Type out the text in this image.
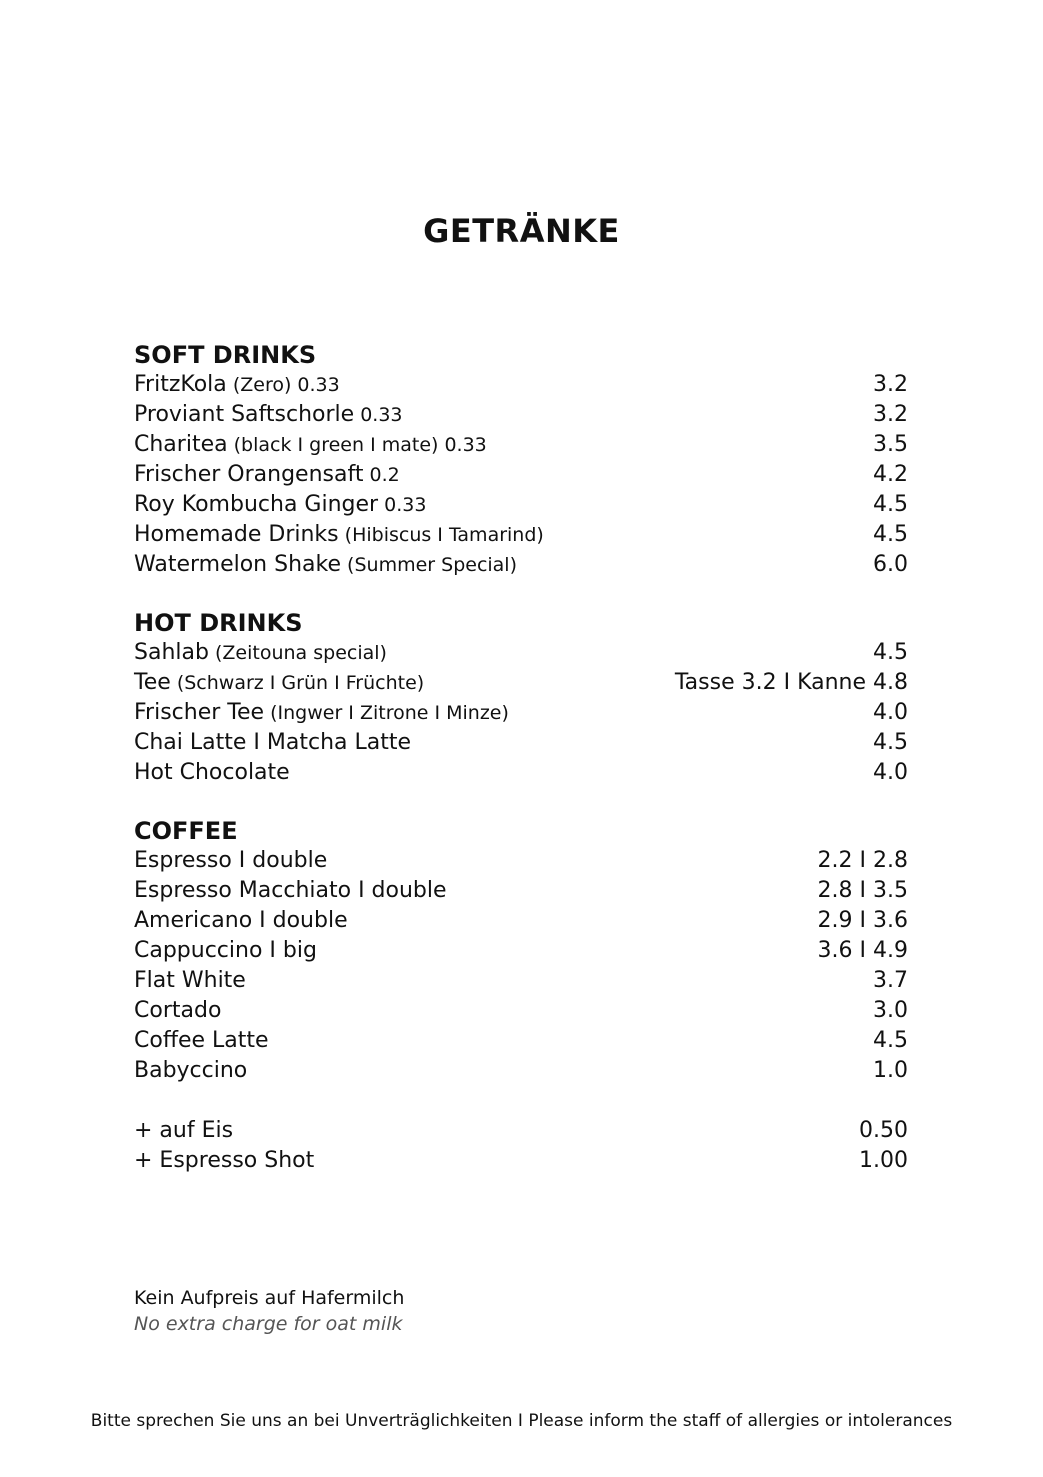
GETRÄNKE
SOFT DRINKS
FritzKola (Zero) 0.33	3.2
Proviant Saftschorle 0.33	3.2
Charitea (black I green I mate) 0.33	3.5
Frischer Orangensaft 0.2	4.2
Roy Kombucha Ginger 0.33	4.5
Homemade Drinks (Hibiscus I Tamarind)	4.5
Watermelon Shake (Summer Special)	6.0
HOT DRINKS
Sahlab (Zeitouna special)	4.5
Tee (Schwarz I Grün I Früchte)	Tasse 3.2 I Kanne 4.8
Frischer Tee (Ingwer I Zitrone I Minze)	4.0
Chai Latte I Matcha Latte	4.5
Hot Chocolate	4.0
COFFEE
Espresso I double	2.2 I 2.8
Espresso Macchiato I double	2.8 I 3.5
Americano I double	2.9 I 3.6
Cappuccino I big	3.6 I 4.9
Flat White	3.7
Cortado	3.0
Coffee Latte	4.5
Babyccino	1.0
+ auf Eis	0.50
+ Espresso Shot	1.00
Kein Aufpreis auf Hafermilch
No extra charge for oat milk
Bitte sprechen Sie uns an bei Unverträglichkeiten I Please inform the staff of allergies or intolerances
